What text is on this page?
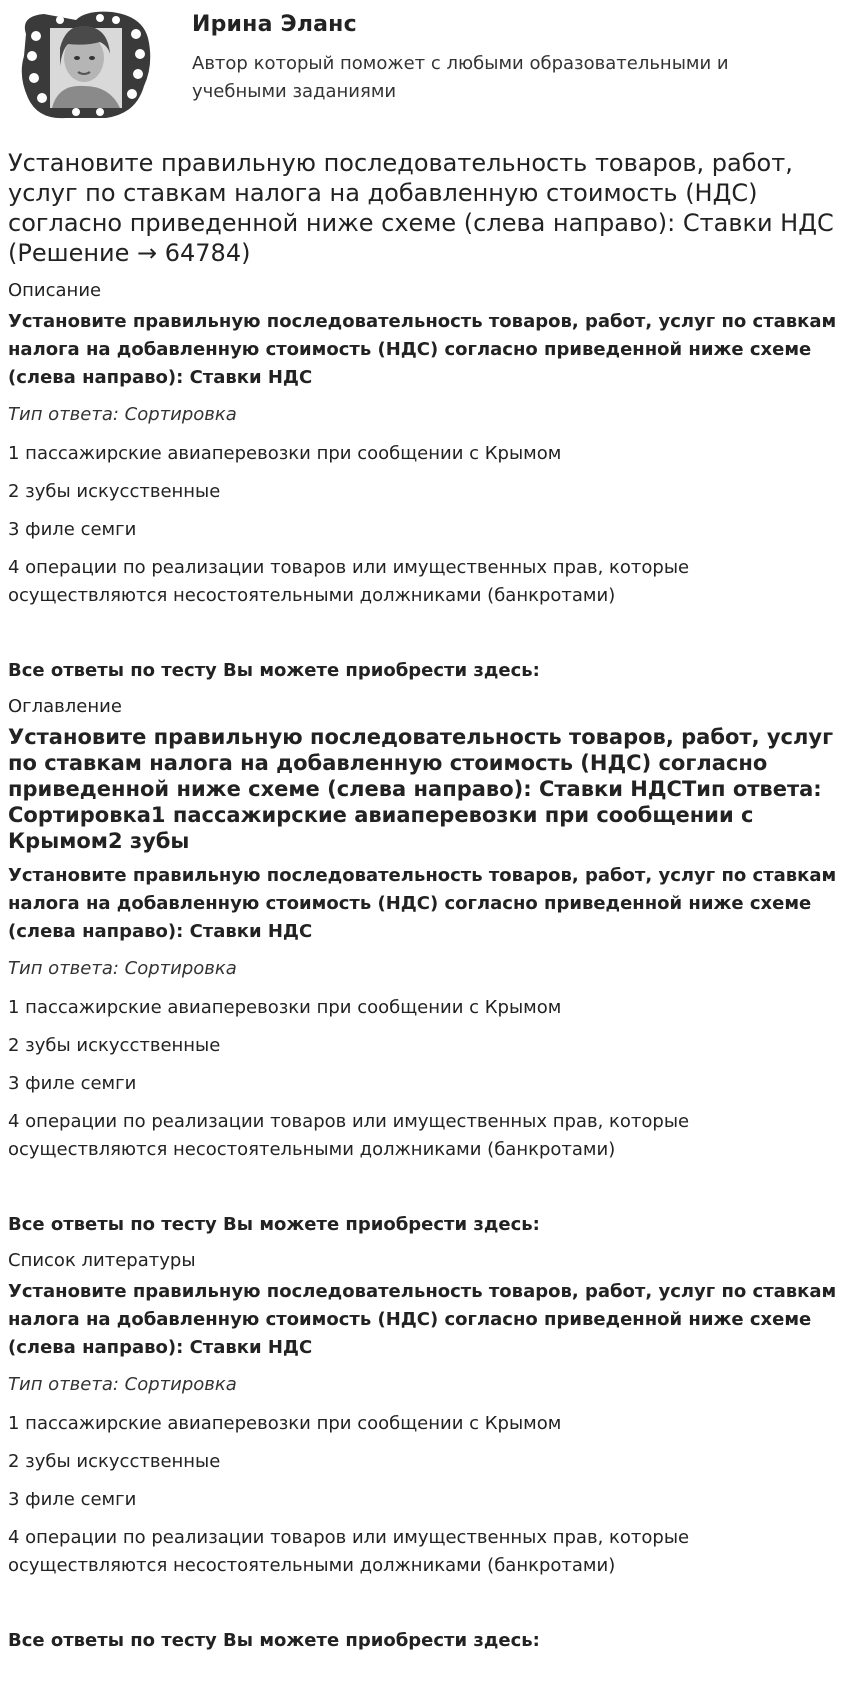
Ирина Эланс
Автор который поможет с любыми образовательными и учебными заданиями
Установите правильную последовательность товаров, работ, услуг по ставкам налога на добавленную стоимость (НДС) согласно приведенной ниже схеме (слева направо): Ставки НДС (Решение → 64784)
Описание
Установите правильную последовательность товаров, работ, услуг по ставкам налога на добавленную стоимость (НДС) согласно приведенной ниже схеме (слева направо): Ставки НДС
Тип ответа: Сортировка
1 пассажирские авиаперевозки при сообщении с Крымом
2 зубы искусственные
3 филе семги
4 операции по реализации товаров или имущественных прав, которые осуществляются несостоятельными должниками (банкротами)
Все ответы по тесту Вы можете приобрести здесь:
Оглавление
Установите правильную последовательность товаров, работ, услуг по ставкам налога на добавленную стоимость (НДС) согласно приведенной ниже схеме (слева направо): Ставки НДСТип ответа: Сортировка1 пассажирские авиаперевозки при сообщении с Крымом2 зубы
Установите правильную последовательность товаров, работ, услуг по ставкам налога на добавленную стоимость (НДС) согласно приведенной ниже схеме (слева направо): Ставки НДС
Тип ответа: Сортировка
1 пассажирские авиаперевозки при сообщении с Крымом
2 зубы искусственные
3 филе семги
4 операции по реализации товаров или имущественных прав, которые осуществляются несостоятельными должниками (банкротами)
Все ответы по тесту Вы можете приобрести здесь:
Список литературы
Установите правильную последовательность товаров, работ, услуг по ставкам налога на добавленную стоимость (НДС) согласно приведенной ниже схеме (слева направо): Ставки НДС
Тип ответа: Сортировка
1 пассажирские авиаперевозки при сообщении с Крымом
2 зубы искусственные
3 филе семги
4 операции по реализации товаров или имущественных прав, которые осуществляются несостоятельными должниками (банкротами)
Все ответы по тесту Вы можете приобрести здесь:
